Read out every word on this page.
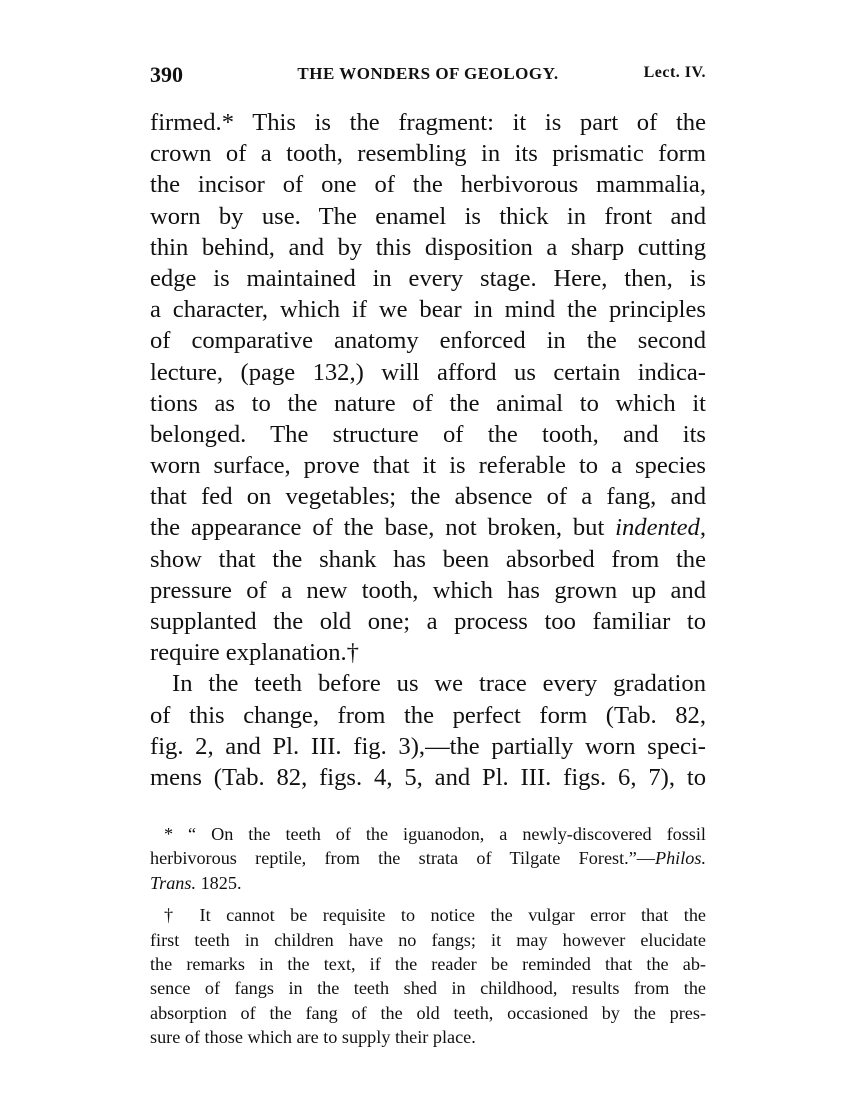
390	THE WONDERS OF GEOLOGY.	Lect. IV.
firmed.* This is the fragment: it is part of the
crown of a tooth, resembling in its prismatic form
the incisor of one of the herbivorous mammalia,
worn by use. The enamel is thick in front and
thin behind, and by this disposition a sharp cutting
edge is maintained in every stage. Here, then, is
a character, which if we bear in mind the principles
of comparative anatomy enforced in the second
lecture, (page 132,) will afford us certain indica-
tions as to the nature of the animal to which it
belonged. The structure of the tooth, and its
worn surface, prove that it is referable to a species
that fed on vegetables; the absence of a fang, and
the appearance of the base, not broken, but indented,
show that the shank has been absorbed from the
pressure of a new tooth, which has grown up and
supplanted the old one; a process too familiar to
require explanation.†
In the teeth before us we trace every gradation
of this change, from the perfect form (Tab. 82,
fig. 2, and Pl. III. fig. 3),—the partially worn speci-
mens (Tab. 82, figs. 4, 5, and Pl. III. figs. 6, 7), to
* “ On the teeth of the iguanodon, a newly-discovered fossil
herbivorous reptile, from the strata of Tilgate Forest.”—Philos.
Trans. 1825.
† It cannot be requisite to notice the vulgar error that the
first teeth in children have no fangs; it may however elucidate
the remarks in the text, if the reader be reminded that the ab-
sence of fangs in the teeth shed in childhood, results from the
absorption of the fang of the old teeth, occasioned by the pres-
sure of those which are to supply their place.
